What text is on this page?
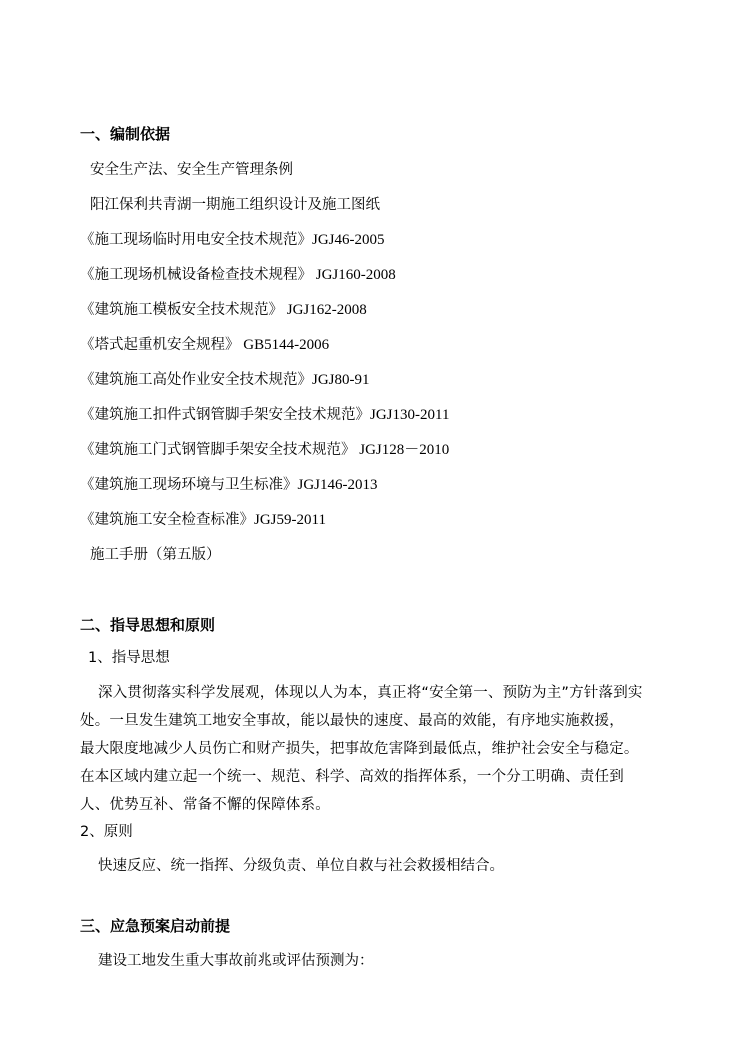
一、编制依据
安全生产法、安全生产管理条例
阳江保利共青湖一期施工组织设计及施工图纸
《施工现场临时用电安全技术规范》JGJ46-2005
《施工现场机械设备检查技术规程》 JGJ160-2008
《建筑施工模板安全技术规范》 JGJ162-2008
《塔式起重机安全规程》 GB5144-2006
《建筑施工高处作业安全技术规范》JGJ80-91
《建筑施工扣件式钢管脚手架安全技术规范》JGJ130-2011
《建筑施工门式钢管脚手架安全技术规范》 JGJ128－2010
《建筑施工现场环境与卫生标准》JGJ146-2013
《建筑施工安全检查标准》JGJ59-2011
施工手册（第五版）
二、指导思想和原则
1、指导思想
深入贯彻落实科学发展观，体现以人为本，真正将“安全第一、预防为主”方针落到实
处。一旦发生建筑工地安全事故，能以最快的速度、最高的效能，有序地实施救援，
最大限度地减少人员伤亡和财产损失，把事故危害降到最低点，维护社会安全与稳定。
在本区域内建立起一个统一、规范、科学、高效的指挥体系，一个分工明确、责任到
人、优势互补、常备不懈的保障体系。
2、原则
快速反应、统一指挥、分级负责、单位自救与社会救援相结合。
三、应急预案启动前提
建设工地发生重大事故前兆或评估预测为：
